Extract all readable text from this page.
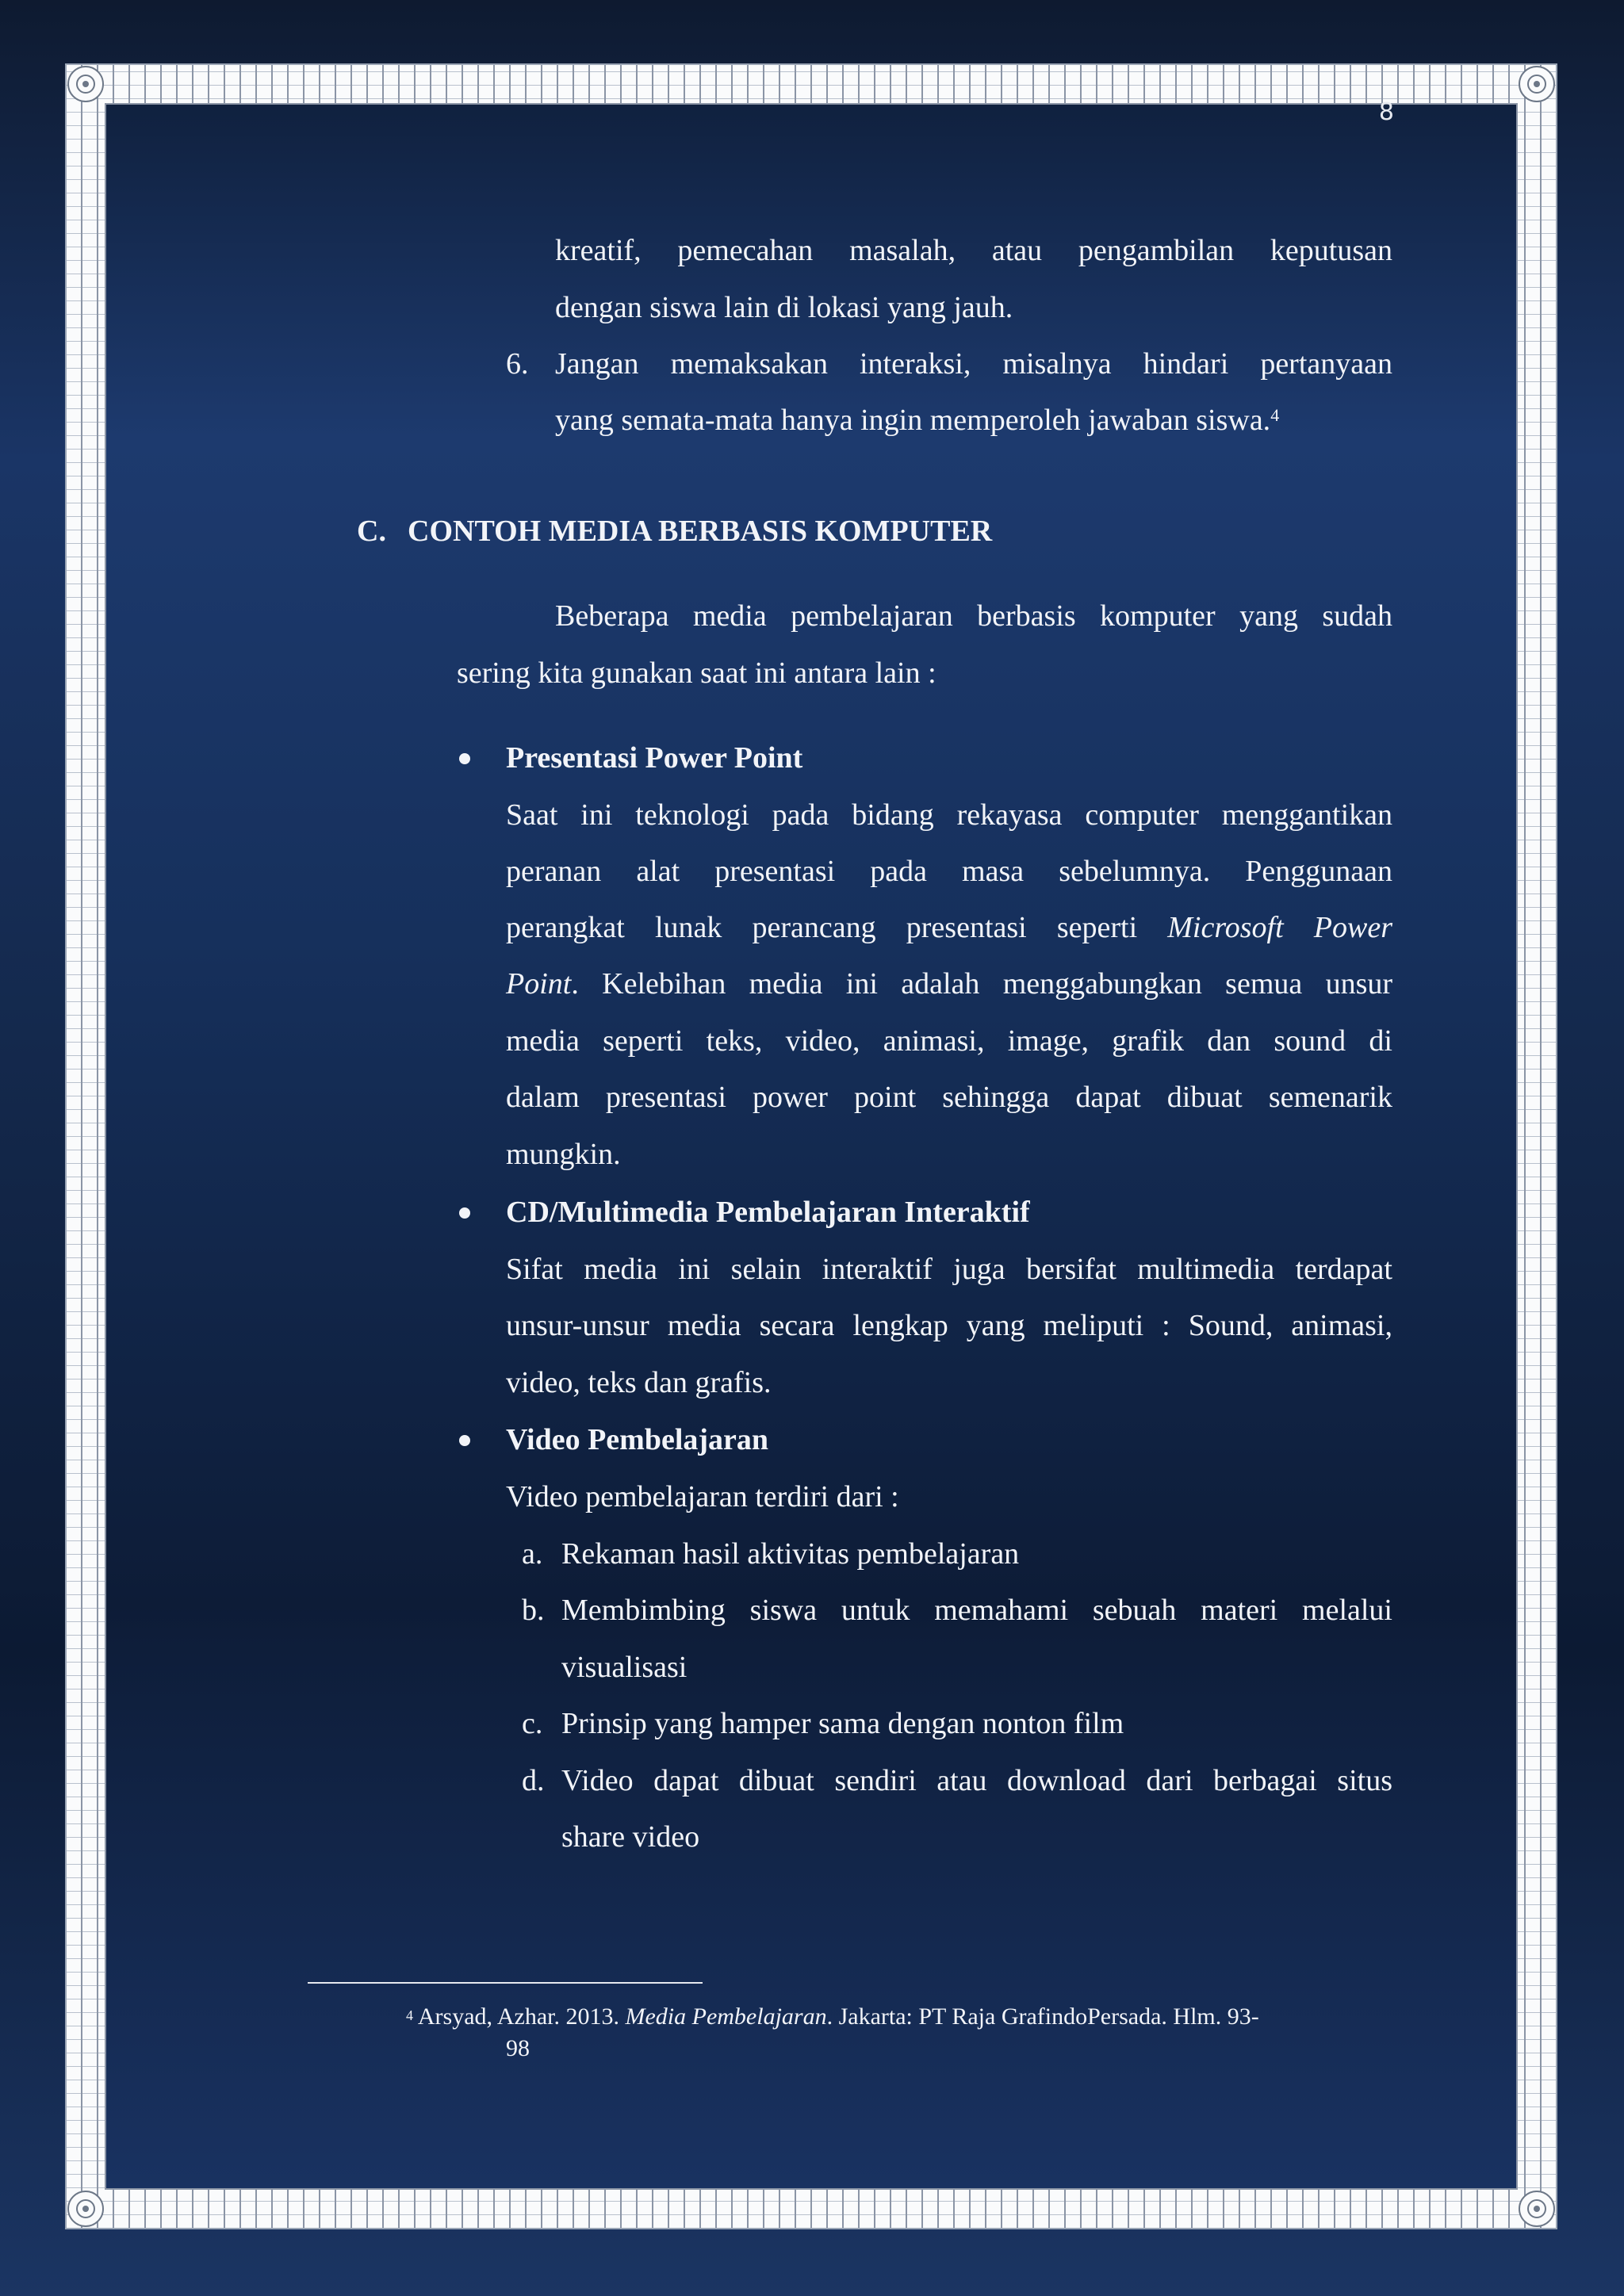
8
kreatif, pemecahan masalah, atau pengambilan keputusan
dengan siswa lain di lokasi yang jauh.
6. Jangan memaksakan interaksi, misalnya hindari pertanyaan
yang semata-mata hanya ingin memperoleh jawaban siswa.$^4$
C. CONTOH MEDIA BERBASIS KOMPUTER
Beberapa media pembelajaran berbasis komputer yang sudah
sering kita gunakan saat ini antara lain :
Presentasi Power Point
Saat ini teknologi pada bidang rekayasa computer menggantikan
peranan alat presentasi pada masa sebelumnya. Penggunaan
perangkat lunak perancang presentasi seperti Microsoft Power
Point. Kelebihan media ini adalah menggabungkan semua unsur
media seperti teks, video, animasi, image, grafik dan sound di
dalam presentasi power point sehingga dapat dibuat semenarik
mungkin.
CD/Multimedia Pembelajaran Interaktif
Sifat media ini selain interaktif juga bersifat multimedia terdapat
unsur-unsur media secara lengkap yang meliputi : Sound, animasi,
video, teks dan grafis.
Video Pembelajaran
Video pembelajaran terdiri dari :
a. Rekaman hasil aktivitas pembelajaran
b. Membimbing siswa untuk memahami sebuah materi melalui
visualisasi
c. Prinsip yang hamper sama dengan nonton film
d. Video dapat dibuat sendiri atau download dari berbagai situs
share video
$^4$ Arsyad, Azhar. 2013. Media Pembelajaran. Jakarta: PT Raja GrafindoPersada. Hlm. 93-
98
